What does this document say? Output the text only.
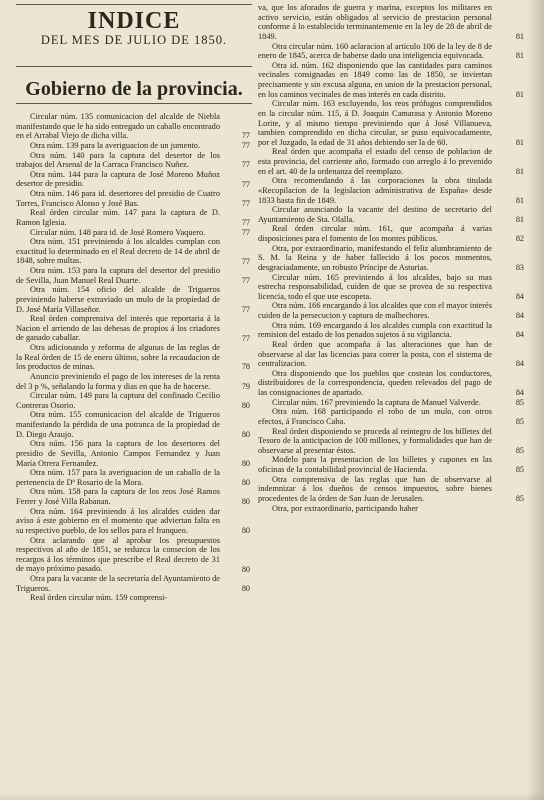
INDICE
DEL MES DE JULIO DE 1850.
Gobierno de la provincia.

Circular núm. 135 comunicacion del alcalde de Niebla manifestando que le ha sido entregado un caballo encontrado en el Arrabal Viejo de dicha villa.	77

Otra núm. 139 para la averiguacion de un jumento.	77

Otra núm. 140 para la captura del desertor de los trabajos del Arsenal de la Carraca Francisco Nuñez.	77

Otra núm. 144 para la captura de José Moreno Muñoz desertor de presidio.	77

Otra núm. 146 para id. desertores del presidio de Cuatro Torres, Francisco Alonso y José Bas.	77

Real órden circular núm. 147 para la captura de D. Ramon Iglesia.	77

Circular núm. 148 para id. de José Romero Vaquero.	77

Otra núm. 151 previniendo á los alcaldes cumplan con exactitud lo determinado en el Real decreto de 14 de abril de 1848, sobre multas.	77

Otra núm. 153 para la captura del desertor del presidio de Sevilla, Juan Manuel Real Duarte.	77

Otra núm. 154 oficio del alcalde de Trigueros previniendo haberse extraviado un mulo de la propiedad de D. José María Villaseñor.	77

Real órden comprensiva del interés que reportaria á la Nacion el arriendo de las dehesas de propios á los criadores de ganado caballar.	77

Otra adicionando y reforma de algunas de las reglas de la Real órden de 15 de enero último, sobre la recaudacion de los productos de minas.	78

Anuncio previniendo el pago de los intereses de la renta del 3 p %, señalando la forma y dias en que ha de hacerse.	79

Circular núm. 149 para la captura del confinado Cecilio Contreras Osorio.	80

Otra núm. 155 comunicacion del alcalde de Trigueros manifestando la pérdida de una potranca de la propiedad de D. Diego Araujo.	80

Otra núm. 156 para la captura de los desertores del presidio de Sevilla, Antonio Campos Fernandez y Juan María Otrera Fernandez.	80

Otra núm. 157 para la averiguacion de un caballo de la pertenencia de Dª Rosario de la Mora.	80

Otra núm. 158 para la captura de los reos José Ramos Ferrer y José Villa Rabanan.	80

Otra núm. 164 previniendo á los alcaldes cuiden dar aviso á este gobierno en el momento que adviertan falta en su respectivo pueblo, de los sellos para el franqueo.	80

Otra aclarando que al aprobar los presupuestos respectivos al año de 1851, se reduzca la consecion de los recargos á los términos que prescribe el Real decreto de 31 de mayo próximo pasado.	80

Otra para la vacante de la secretaría del Ayuntamiento de Trigueros.	80

Real órden circular núm. 159 comprensi-

va, que los aforados de guerra y marina, exceptos los militares en activo servicio, están obligados al servicio de prestacion personal conforme á lo establecido terminantemente en la ley de 28 de abril de 1849.	81

Otra circular núm. 160 aclaracion al artículo 106 de la ley de 8 de enero de 1845, acerca de haberse dado una inteligencia equivocada.	81

Otra id. núm. 162 disponiendo que las cantidades para caminos vecinales consignadas en 1849 como las de 1850, se inviertan precisamente y sin excusa alguna, en union de la prestacion personal, en los caminos vecinales de mas interés en cada distrito.	81

Circular núm. 163 excluyendo, los reos prófugos comprendidos en la circular núm. 115, á D. Joaquin Camarasa y Antonio Moreno Lorite, y al mismo tiempo previniendo que á José Villanueva, tambien comprendido en dicha circular, se puso equivocadamente, por el Juzgado, la edad de 31 años debiendo ser la de 60.	81

Real órden que acompaña el estado del censo de poblacion de esta provincia, del corriente año, formado con arreglo á lo prevenido en el art. 40 de la ordenanza del reemplazo.	81

Otra recomendando á las corporaciones la obra titulada «Recopilacion de la legislacion administrativa de España» desde 1833 hasta fin de 1849.	81

Circular anunciando la vacante del destino de secretario del Ayuntamiento de Sta. Olalla.	81

Real órden circular núm. 161, que acompaña á varias disposiciones para el fomento de los montes públicos.	82

Otra, por extraordinario, manifestando el feliz alumbramiento de S. M. la Reina y de haber fallecido á los pocos momentos, desgraciadamente, un robusto Príncipe de Asturias.	83

Circular núm. 165 previniendo á los alcaldes, bajo su mas estrecha responsabilidad, cuiden de que se provea de su respectiva licencia, todo el que use escopeta.	84

Otra núm. 166 encargando á los alcaldes que con el mayor interés cuiden de la persecucion y captura de malhechores.	84

Otra núm. 169 encargando á los alcaldes cumpla con exactitud la remision del estado de los penados sujetos á su vigilancia.	84

Real órden que acompaña á las alteraciones que han de observarse al dar las licencias para correr la posta, con el sistema de centralizacion.	84

Otra disponiendo que los pueblos que costean los conductores, distribuidores de la correspondencia, queden relevados del pago de las consignaciones de apartado.	84

Circular núm. 167 previniendo la captura de Manuel Valverde.	85

Otra núm. 168 participando el robo de un mulo, con otros efectos, á Francisco Caba.	85

Real órden disponiendo se proceda al reintegro de los billetes del Tesoro de la anticipacion de 100 millones, y formalidades que han de observarse al presentar éstos.	85

Modelo para la presentacion de los billetes y cupones en las oficinas de la contabilidad provincial de Hacienda.	85

Otra comprensiva de las reglas que han de observarse al indemnizar á los dueños de censos impuestos, sobre bienes procedentes de la órden de San Juan de Jerusalen.	85

Otra, por extraordinario, participando haber
